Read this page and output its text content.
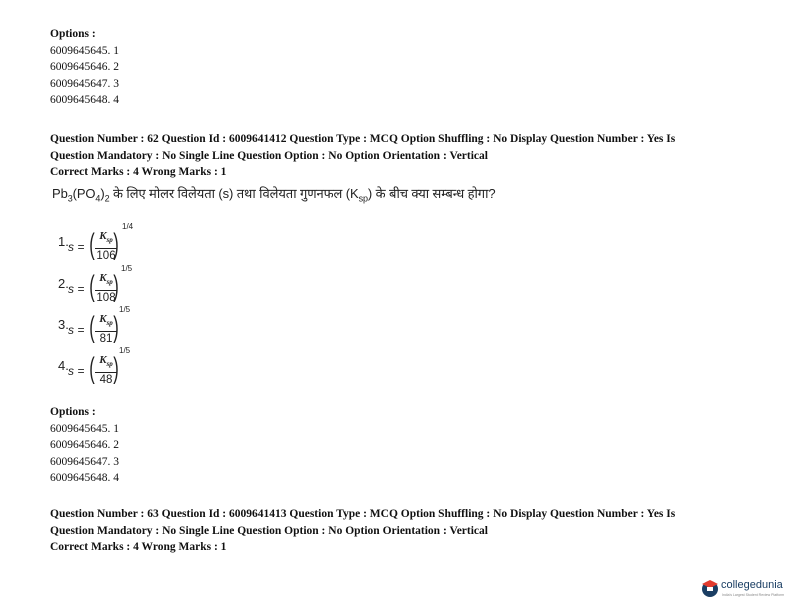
Options :
6009645645. 1
6009645646. 2
6009645647. 3
6009645648. 4
Question Number : 62 Question Id : 6009641412 Question Type : MCQ Option Shuffling : No Display Question Number : Yes Is
Question Mandatory : No Single Line Question Option : No Option Orientation : Vertical
Correct Marks : 4 Wrong Marks : 1
$Pb_3(PO_4)_2$ के लिए मोलर विलेयता (s) तथा विलेयता गुणनफल $(K_{sp})$ के बीच क्या सम्बन्ध होगा?
1. s = ( $K_{sp}$
106
)
1/4
2. s = ( $K_{sp}$
108
)
1/5
3. s = ( $K_{sp}$
81 )
1/5
4. s = ( $K_{sp}$
48 )
1/5
Options :
6009645645. 1
6009645646. 2
6009645647. 3
6009645648. 4
Question Number : 63 Question Id : 6009641413 Question Type : MCQ Option Shuffling : No Display Question Number : Yes Is
Question Mandatory : No Single Line Question Option : No Option Orientation : Vertical
Correct Marks : 4 Wrong Marks : 1
collegedunia
India's Largest Student Review Platform
